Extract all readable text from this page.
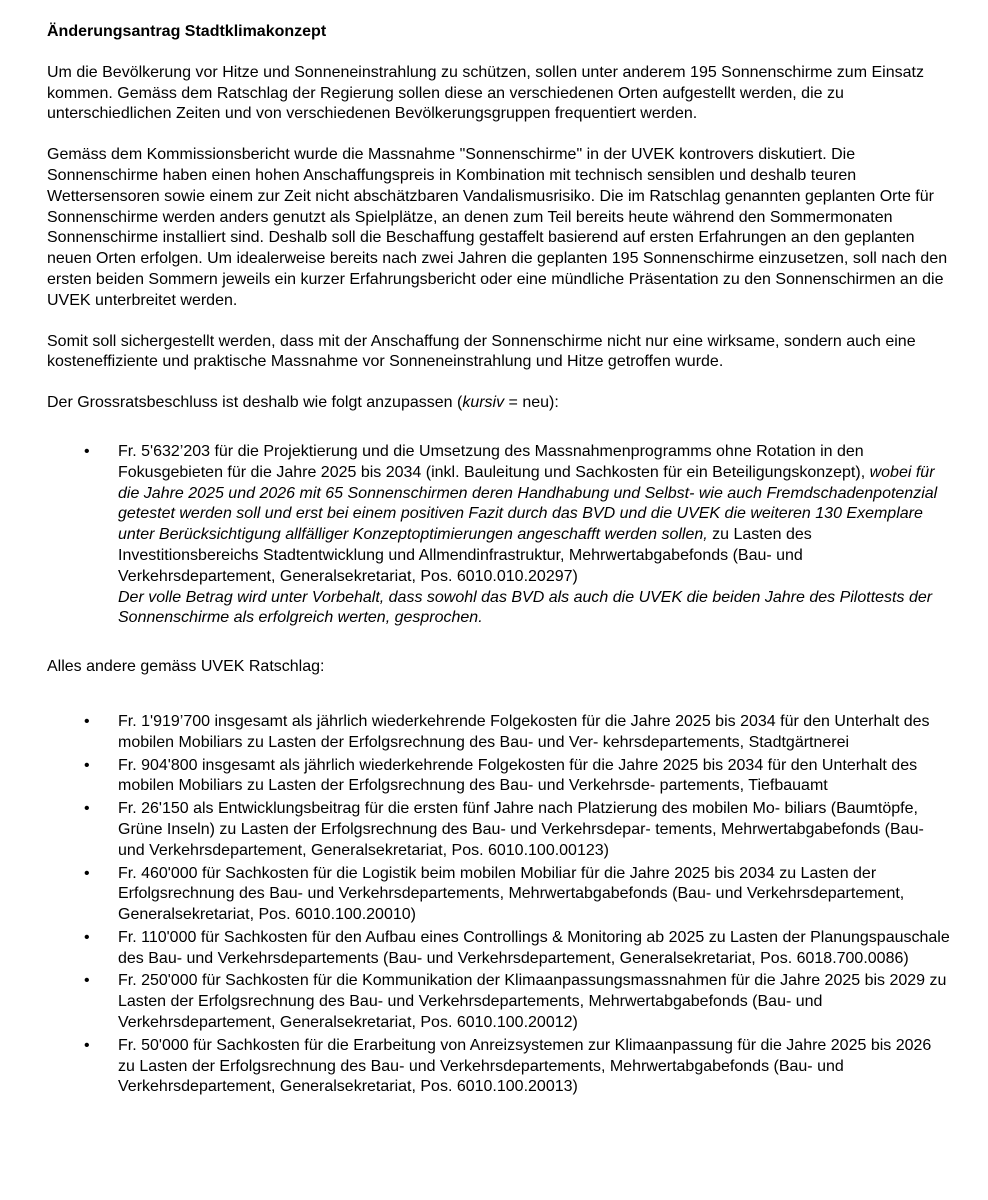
Änderungsantrag Stadtklimakonzept

Um die Bevölkerung vor Hitze und Sonneneinstrahlung zu schützen, sollen unter anderem 195 Sonnenschirme zum Einsatz kommen. Gemäss dem Ratschlag der Regierung sollen diese an verschiedenen Orten aufgestellt werden, die zu unterschiedlichen Zeiten und von verschiedenen Bevölkerungsgruppen frequentiert werden.

Gemäss dem Kommissionsbericht wurde die Massnahme "Sonnenschirme" in der UVEK kontrovers diskutiert. Die Sonnenschirme haben einen hohen Anschaffungspreis in Kombination mit technisch sensiblen und deshalb teuren Wettersensoren sowie einem zur Zeit nicht abschätzbaren Vandalismusrisiko. Die im Ratschlag genannten geplanten Orte für Sonnenschirme werden anders genutzt als Spielplätze, an denen zum Teil bereits heute während den Sommermonaten Sonnenschirme installiert sind. Deshalb soll die Beschaffung gestaffelt basierend auf ersten Erfahrungen an den geplanten neuen Orten erfolgen. Um idealerweise bereits nach zwei Jahren die geplanten 195 Sonnenschirme einzusetzen, soll nach den ersten beiden Sommern jeweils ein kurzer Erfahrungsbericht oder eine mündliche Präsentation zu den Sonnenschirmen an die UVEK unterbreitet werden.

Somit soll sichergestellt werden, dass mit der Anschaffung der Sonnenschirme nicht nur eine wirksame, sondern auch eine kosteneffiziente und praktische Massnahme vor Sonneneinstrahlung und Hitze getroffen wurde.

Der Grossratsbeschluss ist deshalb wie folgt anzupassen (kursiv = neu):

• Fr. 5'632’203 für die Projektierung und die Umsetzung des Massnahmenprogramms ohne Rotation in den Fokusgebieten für die Jahre 2025 bis 2034 (inkl. Bauleitung und Sachkosten für ein Beteiligungskonzept), wobei für die Jahre 2025 und 2026 mit 65 Sonnenschirmen deren Handhabung und Selbst- wie auch Fremdschadenpotenzial getestet werden soll und erst bei einem positiven Fazit durch das BVD und die UVEK die weiteren 130 Exemplare unter Berücksichtigung allfälliger Konzeptoptimierungen angeschafft werden sollen, zu Lasten des Investitionsbereichs Stadtentwicklung und Allmendinfrastruktur, Mehrwertabgabefonds (Bau- und Verkehrsdepartement, Generalsekretariat, Pos. 6010.010.20297)
Der volle Betrag wird unter Vorbehalt, dass sowohl das BVD als auch die UVEK die beiden Jahre des Pilottests der Sonnenschirme als erfolgreich werten, gesprochen.

Alles andere gemäss UVEK Ratschlag:

• Fr. 1'919’700 insgesamt als jährlich wiederkehrende Folgekosten für die Jahre 2025 bis 2034 für den Unterhalt des mobilen Mobiliars zu Lasten der Erfolgsrechnung des Bau- und Ver- kehrsdepartements, Stadtgärtnerei
• Fr. 904'800 insgesamt als jährlich wiederkehrende Folgekosten für die Jahre 2025 bis 2034 für den Unterhalt des mobilen Mobiliars zu Lasten der Erfolgsrechnung des Bau- und Verkehrsde- partements, Tiefbauamt
• Fr. 26'150 als Entwicklungsbeitrag für die ersten fünf Jahre nach Platzierung des mobilen Mo- biliars (Baumtöpfe, Grüne Inseln) zu Lasten der Erfolgsrechnung des Bau- und Verkehrsdepar- tements, Mehrwertabgabefonds (Bau- und Verkehrsdepartement, Generalsekretariat, Pos. 6010.100.00123)
• Fr. 460'000 für Sachkosten für die Logistik beim mobilen Mobiliar für die Jahre 2025 bis 2034 zu Lasten der Erfolgsrechnung des Bau- und Verkehrsdepartements, Mehrwertabgabefonds (Bau- und Verkehrsdepartement, Generalsekretariat, Pos. 6010.100.20010)
• Fr. 110'000 für Sachkosten für den Aufbau eines Controllings & Monitoring ab 2025 zu Lasten der Planungspauschale des Bau- und Verkehrsdepartements (Bau- und Verkehrsdepartement, Generalsekretariat, Pos. 6018.700.0086)
• Fr. 250'000 für Sachkosten für die Kommunikation der Klimaanpassungsmassnahmen für die Jahre 2025 bis 2029 zu Lasten der Erfolgsrechnung des Bau- und Verkehrsdepartements, Mehrwertabgabefonds (Bau- und Verkehrsdepartement, Generalsekretariat, Pos. 6010.100.20012)
• Fr. 50'000 für Sachkosten für die Erarbeitung von Anreizsystemen zur Klimaanpassung für die Jahre 2025 bis 2026 zu Lasten der Erfolgsrechnung des Bau- und Verkehrsdepartements, Mehrwertabgabefonds (Bau- und Verkehrsdepartement, Generalsekretariat, Pos. 6010.100.20013)
